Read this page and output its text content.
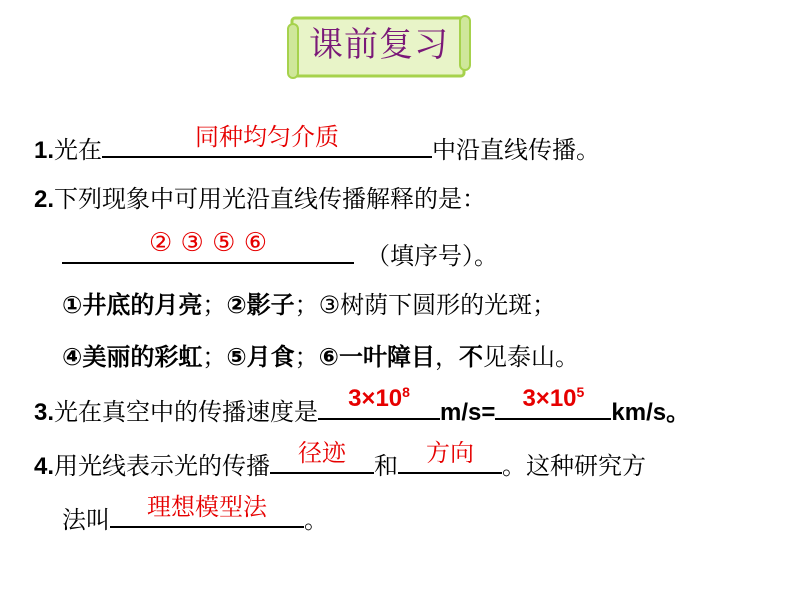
课前复习
1.光在	同种均匀介质	中沿直线传播。
2.下列现象中可用光沿直线传播解释的是：
② ③ ⑤ ⑥	（填序号）。
①井底的月亮；②影子；③树荫下圆形的光斑；
④美丽的彩虹；⑤月食；⑥一叶障目，不见泰山。
3.光在真空中的传播速度是	$3\times 10^8$
m/s=
$3\times 10^5$
km/s。
4.用光线表示光的传播	径迹	和	方向	。这种研究方
法叫	理想模型法	。
